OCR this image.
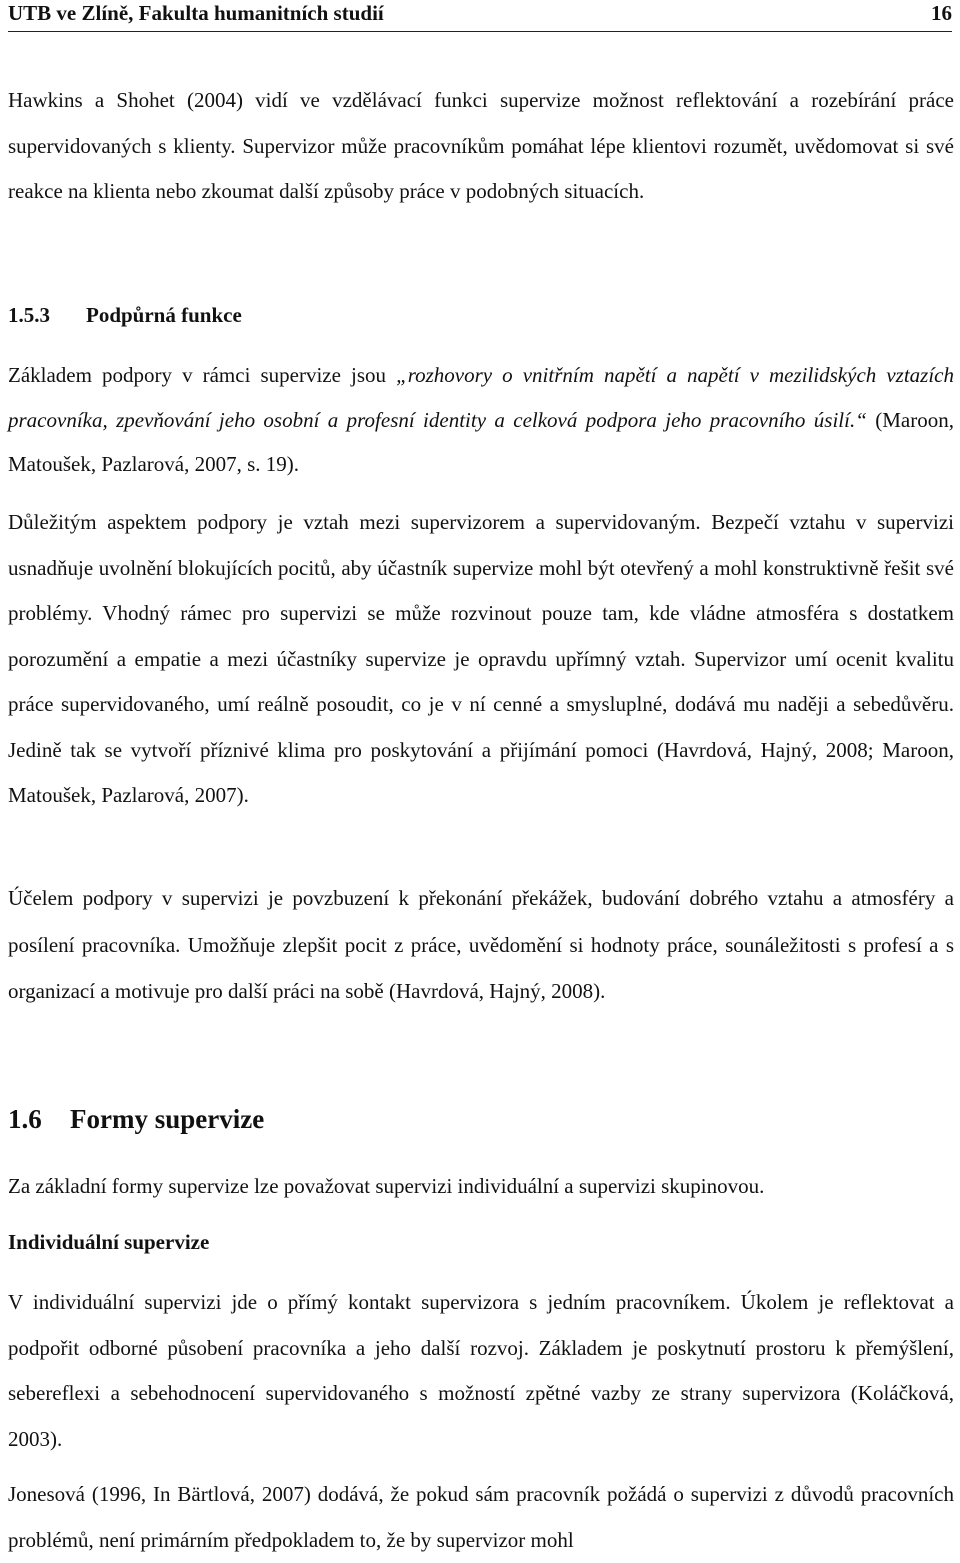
UTB ve Zlíně, Fakulta humanitních studií	16

Hawkins a Shohet (2004) vidí ve vzdělávací funkci supervize možnost reflektování a rozebírání práce supervidovaných s klienty. Supervizor může pracovníkům pomáhat lépe klientovi rozumět, uvědomovat si své reakce na klienta nebo zkoumat další způsoby práce v podobných situacích.

1.5.3 Podpůrná funkce

Základem podpory v rámci supervize jsou „rozhovory o vnitřním napětí a napětí v mezilidských vztazích pracovníka, zpevňování jeho osobní a profesní identity a celková podpora jeho pracovního úsilí.“ (Maroon, Matoušek, Pazlarová, 2007, s. 19).

Důležitým aspektem podpory je vztah mezi supervizorem a supervidovaným. Bezpečí vztahu v supervizi usnadňuje uvolnění blokujících pocitů, aby účastník supervize mohl být otevřený a mohl konstruktivně řešit své problémy. Vhodný rámec pro supervizi se může rozvinout pouze tam, kde vládne atmosféra s dostatkem porozumění a empatie a mezi účastníky supervize je opravdu upřímný vztah. Supervizor umí ocenit kvalitu práce supervidovaného, umí reálně posoudit, co je v ní cenné a smysluplné, dodává mu naději a sebedůvěru. Jedině tak se vytvoří příznivé klima pro poskytování a přijímání pomoci (Havrdová, Hajný, 2008; Maroon, Matoušek, Pazlarová, 2007).

Účelem podpory v supervizi je povzbuzení k překonání překážek, budování dobrého vztahu a atmosféry a posílení pracovníka. Umožňuje zlepšit pocit z práce, uvědomění si hodnoty práce, sounáležitosti s profesí a s organizací a motivuje pro další práci na sobě (Havrdová, Hajný, 2008).

1.6 Formy supervize

Za základní formy supervize lze považovat supervizi individuální a supervizi skupinovou.

Individuální supervize

V individuální supervizi jde o přímý kontakt supervizora s jedním pracovníkem. Úkolem je reflektovat a podpořit odborné působení pracovníka a jeho další rozvoj. Základem je poskytnutí prostoru k přemýšlení, sebereflexi a sebehodnocení supervidovaného s možností zpětné vazby ze strany supervizora (Koláčková, 2003).

Jonesová (1996, In Bärtlová, 2007) dodává, že pokud sám pracovník požádá o supervizi z důvodů pracovních problémů, není primárním předpokladem to, že by supervizor mohl
